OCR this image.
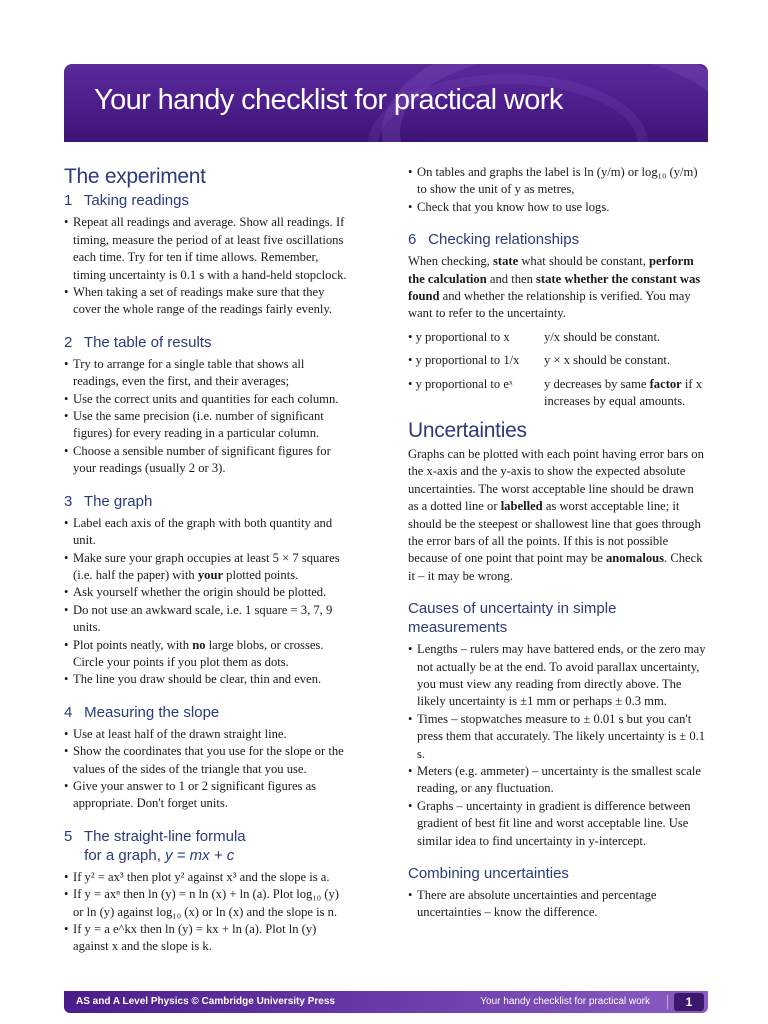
Your handy checklist for practical work
The experiment
1 Taking readings
• Repeat all readings and average. Show all readings. If timing, measure the period of at least five oscillations each time. Try for ten if time allows. Remember, timing uncertainty is 0.1 s with a hand-held stopclock.
• When taking a set of readings make sure that they cover the whole range of the readings fairly evenly.
2 The table of results
• Try to arrange for a single table that shows all readings, even the first, and their averages;
• Use the correct units and quantities for each column.
• Use the same precision (i.e. number of significant figures) for every reading in a particular column.
• Choose a sensible number of significant figures for your readings (usually 2 or 3).
3 The graph
• Label each axis of the graph with both quantity and unit.
• Make sure your graph occupies at least 5 × 7 squares (i.e. half the paper) with your plotted points.
• Ask yourself whether the origin should be plotted.
• Do not use an awkward scale, i.e. 1 square = 3, 7, 9 units.
• Plot points neatly, with no large blobs, or crosses. Circle your points if you plot them as dots.
• The line you draw should be clear, thin and even.
4 Measuring the slope
• Use at least half of the drawn straight line.
• Show the coordinates that you use for the slope or the values of the sides of the triangle that you use.
• Give your answer to 1 or 2 significant figures as appropriate. Don't forget units.
5 The straight-line formula
for a graph, y = mx + c
• If y² = ax³ then plot y² against x³ and the slope is a.
• If y = axⁿ then ln (y) = n ln (x) + ln (a). Plot log₁₀ (y) or ln (y) against log₁₀ (x) or ln (x) and the slope is n.
• If y = a e^kx then ln (y) = kx + ln (a). Plot ln (y) against x and the slope is k.
• On tables and graphs the label is ln (y/m) or log₁₀ (y/m) to show the unit of y as metres,
• Check that you know how to use logs.
6 Checking relationships

When checking, state what should be constant, perform the calculation and then state whether the constant was found and whether the relationship is verified. You may want to refer to the uncertainty.

• y proportional to x	y/x should be constant.
• y proportional to 1/x	y × x should be constant.
• y proportional to eˣ	y decreases by same factor if x increases by equal amounts.
Uncertainties

Graphs can be plotted with each point having error bars on the x-axis and the y-axis to show the expected absolute uncertainties. The worst acceptable line should be drawn as a dotted line or labelled as worst acceptable line; it should be the steepest or shallowest line that goes through the error bars of all the points. If this is not possible because of one point that point may be anomalous. Check it – it may be wrong.

Causes of uncertainty in simple measurements
• Lengths – rulers may have battered ends, or the zero may not actually be at the end. To avoid parallax uncertainty, you must view any reading from directly above. The likely uncertainty is ±1 mm or perhaps ± 0.3 mm.
• Times – stopwatches measure to ± 0.01 s but you can't press them that accurately. The likely uncertainty is ± 0.1 s.
• Meters (e.g. ammeter) – uncertainty is the smallest scale reading, or any fluctuation.
• Graphs – uncertainty in gradient is difference between gradient of best fit line and worst acceptable line. Use similar idea to find uncertainty in y-intercept.
Combining uncertainties
• There are absolute uncertainties and percentage uncertainties – know the difference.
AS and A Level Physics © Cambridge University Press	Your handy checklist for practical work	1
